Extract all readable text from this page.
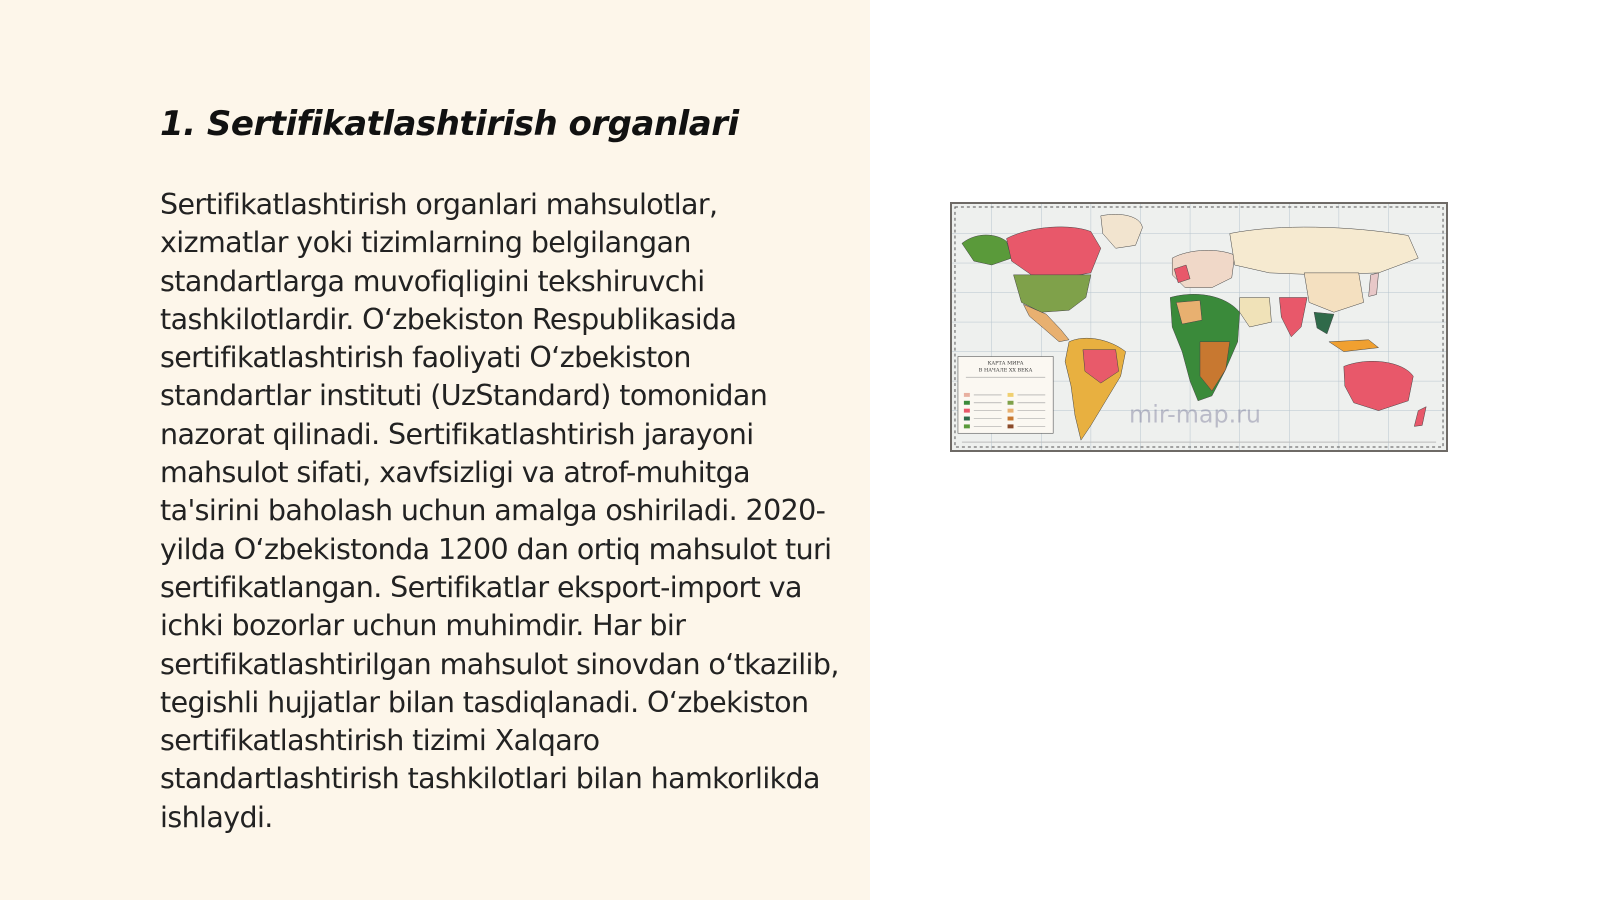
1. Sertifikatlashtirish organlari

Sertifikatlashtirish organlari mahsulotlar, xizmatlar yoki tizimlarning belgilangan standartlarga muvofiqligini tekshiruvchi tashkilotlardir. O‘zbekiston Respublikasida sertifikatlashtirish faoliyati O‘zbekiston standartlar instituti (UzStandard) tomonidan nazorat qilinadi. Sertifikatlashtirish jarayoni mahsulot sifati, xavfsizligi va atrof-muhitga ta'sirini baholash uchun amalga oshiriladi. 2020-yilda O‘zbekistonda 1200 dan ortiq mahsulot turi sertifikatlangan. Sertifikatlar eksport-import va ichki bozorlar uchun muhimdir. Har bir sertifikatlashtirilgan mahsulot sinovdan o‘tkazilib, tegishli hujjatlar bilan tasdiqlanadi. O‘zbekiston sertifikatlashtirish tizimi Xalqaro standartlashtirish tashkilotlari bilan hamkorlikda ishlaydi.

КАРТА МИРА
В НАЧАЛЕ XX ВЕКА
mir-map.ru
